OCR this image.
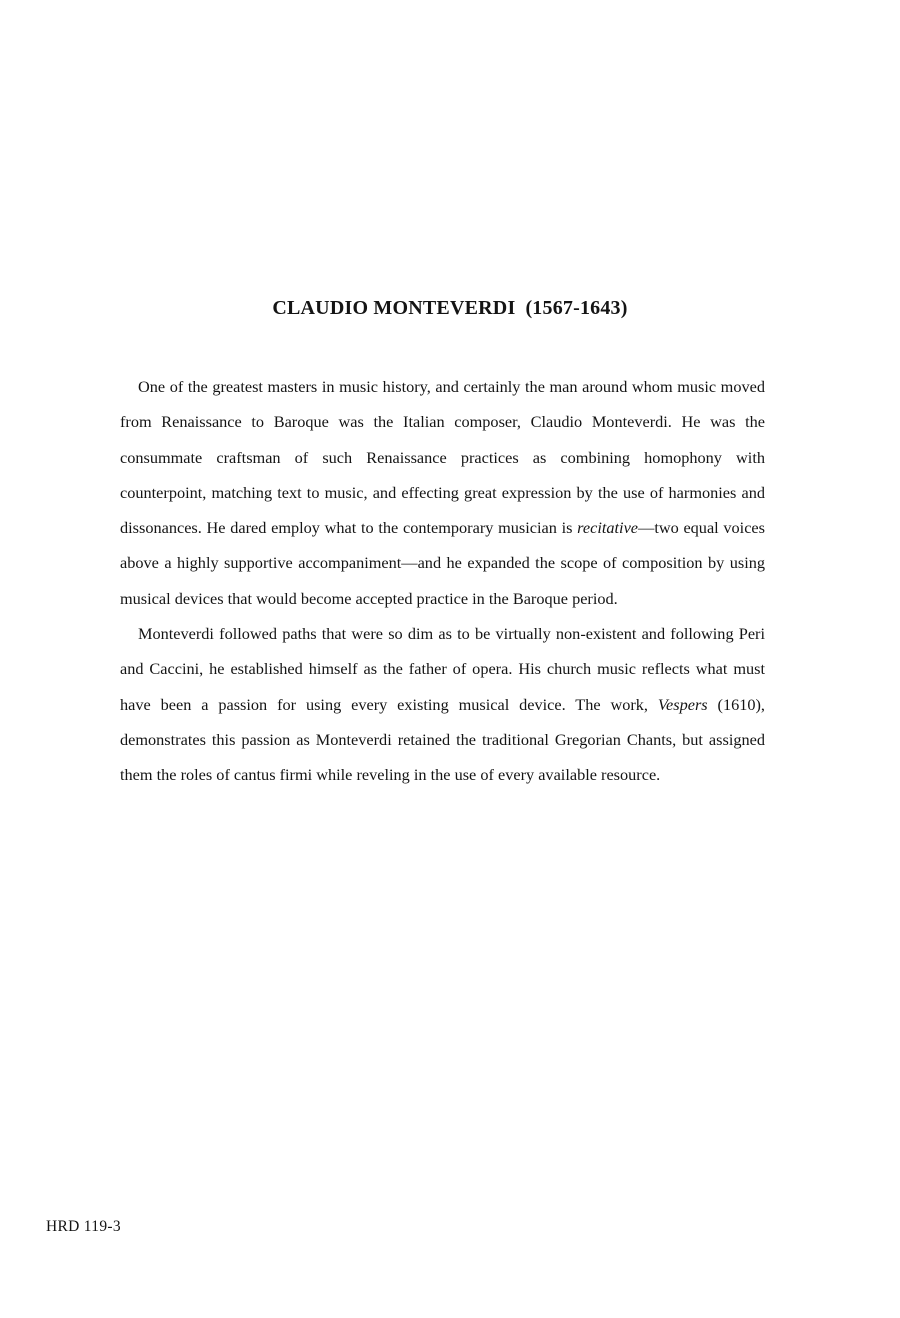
CLAUDIO MONTEVERDI (1567-1643)

One of the greatest masters in music history, and certainly the man around whom music moved from Renaissance to Baroque was the Italian composer, Claudio Monteverdi. He was the consummate craftsman of such Renaissance practices as combining homophony with counterpoint, matching text to music, and effecting great expression by the use of harmonies and dissonances. He dared employ what to the contemporary musician is recitative—two equal voices above a highly supportive accompaniment—and he expanded the scope of composition by using musical devices that would become accepted practice in the Baroque period.

Monteverdi followed paths that were so dim as to be virtually non-existent and following Peri and Caccini, he established himself as the father of opera. His church music reflects what must have been a passion for using every existing musical device. The work, Vespers (1610), demonstrates this passion as Monteverdi retained the traditional Gregorian Chants, but assigned them the roles of cantus firmi while reveling in the use of every available resource.

HRD 119-3
